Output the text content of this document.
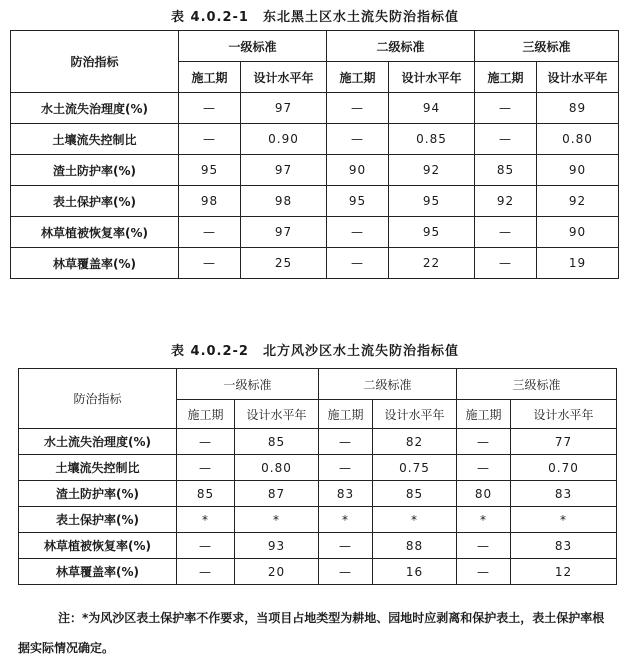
表 4.0.2-1　东北黑土区水土流失防治指标值
防治指标	一级标准		二级标准		三级标准	
	施工期	设计水平年	施工期	设计水平年	施工期	设计水平年
水土流失治理度(%)	—	97	—	94	—	89
土壤流失控制比	—	0.90	—	0.85	—	0.80
渣土防护率(%)	95	97	90	92	85	90
表土保护率(%)	98	98	95	95	92	92
林草植被恢复率(%)	—	97	—	95	—	90
林草覆盖率(%)	—	25	—	22	—	19
表 4.0.2-2　北方风沙区水土流失防治指标值
防治指标	一级标准		二级标准		三级标准	
	施工期	设计水平年	施工期	设计水平年	施工期	设计水平年
水土流失治理度(%)	—	85	—	82	—	77
土壤流失控制比	—	0.80	—	0.75	—	0.70
渣土防护率(%)	85	87	83	85	80	83
表土保护率(%)	*	*	*	*	*	*
林草植被恢复率(%)	—	93	—	88	—	83
林草覆盖率(%)	—	20	—	16	—	12
注：*为风沙区表土保护率不作要求，当项目占地类型为耕地、园地时应剥离和保护表土，表土保护率根据实际情况确定。
